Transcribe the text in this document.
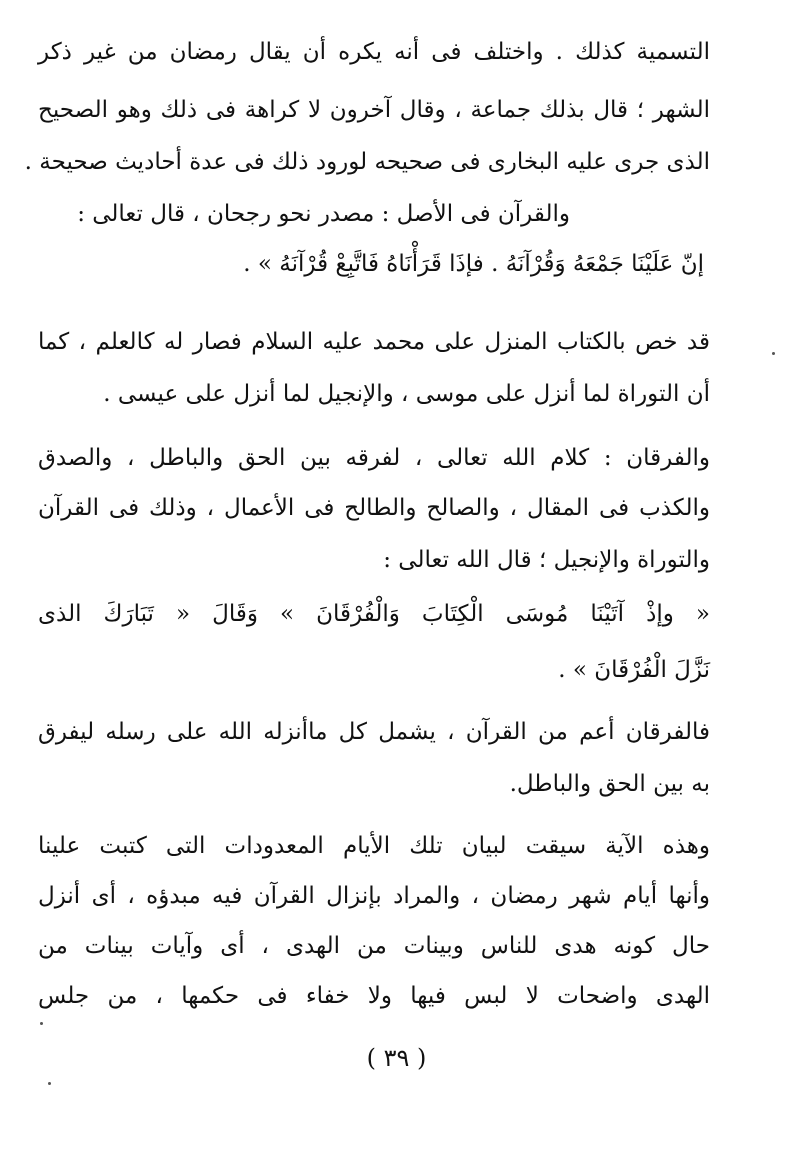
التسمية كذلك . واختلف فى أنه يكره أن يقال رمضان من غير ذكر
الشهر ؛ قال بذلك جماعة ، وقال آخرون لا كراهة فى ذلك وهو الصحيح
الذى جرى عليه البخارى فى صحيحه لورود ذلك فى عدة أحاديث صحيحة .
والقرآن فى الأصل : مصدر نحو رجحان ، قال تعالى :
إنّ عَلَيْنَا جَمْعَهُ وَقُرْآنَهُ . فإذَا قَرَأْنَاهُ فَاتَّبِعْ قُرْآنَهُ » .
قد خص بالكتاب المنزل على محمد عليه السلام فصار له كالعلم ، كما
أن التوراة لما أنزل على موسى ، والإنجيل لما أنزل على عيسى .
والفرقان : كلام الله تعالى ، لفرقه بين الحق والباطل ، والصدق
والكذب فى المقال ، والصالح والطالح فى الأعمال ، وذلك فى القرآن
والتوراة والإنجيل ؛ قال الله تعالى :
« وإذْ آتَيْنَا مُوسَى الْكِتَابَ وَالْفُرْقَانَ » وَقَالَ « تَبَارَكَ الذى
نَزَّلَ الْفُرْقَانَ » .
فالفرقان أعم من القرآن ، يشمل كل ماأنزله الله على رسله ليفرق
به بين الحق والباطل.
وهذه الآية سيقت لبيان تلك الأيام المعدودات التى كتبت علينا
وأنها أيام شهر رمضان ، والمراد بإنزال القرآن فيه مبدؤه ، أى أنزل
حال كونه هدى للناس وبينات من الهدى ، أى وآيات بينات من
الهدى واضحات لا لبس فيها ولا خفاء فى حكمها ، من جلس
( ٣٩ )
